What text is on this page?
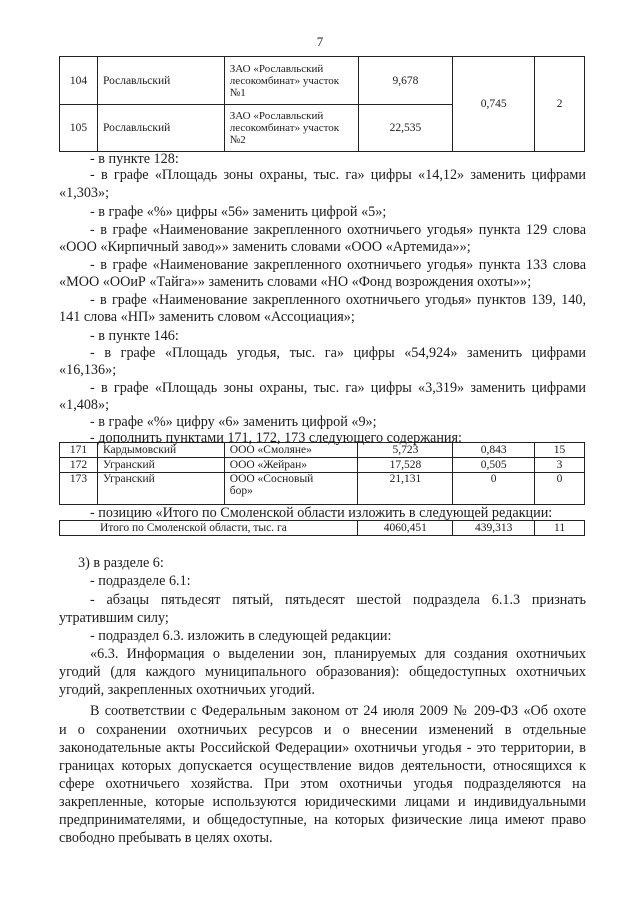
7
104	Рославльский	ЗАО «Рославльский
лесокомбинат» участок
№1	9,678	0,745	2
105	Рославльский	ЗАО «Рославльский
лесокомбинат» участок
№2	22,535		
- в пункте 128:
- в графе «Площадь зоны охраны, тыс. га» цифры «14,12» заменить цифрами
«1,303»;
- в графе «%» цифры «56» заменить цифрой «5»;
- в графе «Наименование закрепленного охотничьего угодья» пункта 129 слова
«ООО «Кирпичный завод»» заменить словами «ООО «Артемида»»;
- в графе «Наименование закрепленного охотничьего угодья» пункта 133 слова
«МОО «ООиР «Тайга»» заменить словами «НО «Фонд возрождения охоты»»;
- в графе «Наименование закрепленного охотничьего угодья» пунктов 139, 140,
141 слова «НП» заменить словом «Ассоциация»;
- в пункте 146:
- в графе «Площадь угодья, тыс. га» цифры «54,924» заменить цифрами
«16,136»;
- в графе «Площадь зоны охраны, тыс. га» цифры «3,319» заменить цифрами
«1,408»;
- в графе «%» цифру «6» заменить цифрой «9»;
- дополнить пунктами 171, 172, 173 следующего содержания:
171	Кардымовский	ООО «Смоляне»	5,723	0,843	15
172	Угранский	ООО «Жейран»	17,528	0,505	3
173	Угранский	ООО «Сосновый
бор»	21,131	0	0
- позицию «Итого по Смоленской области изложить в следующей редакции:
Итого по Смоленской области, тыс. га	4060,451	439,313	11
3) в разделе 6:
- подразделе 6.1:
- абзацы пятьдесят пятый, пятьдесят шестой подраздела 6.1.3 признать
утратившим силу;
- подраздел 6.3. изложить в следующей редакции:
«6.3. Информация о выделении зон, планируемых для создания охотничьих
угодий (для каждого муниципального образования): общедоступных охотничьих
угодий, закрепленных охотничьих угодий.
В соответствии с Федеральным законом от 24 июля 2009 № 209-ФЗ «Об охоте
и о сохранении охотничьих ресурсов и о внесении изменений в отдельные
законодательные акты Российской Федерации» охотничьи угодья - это территории, в
границах которых допускается осуществление видов деятельности, относящихся к
сфере охотничьего хозяйства. При этом охотничьи угодья подразделяются на
закрепленные, которые используются юридическими лицами и индивидуальными
предпринимателями, и общедоступные, на которых физические лица имеют право
свободно пребывать в целях охоты.
